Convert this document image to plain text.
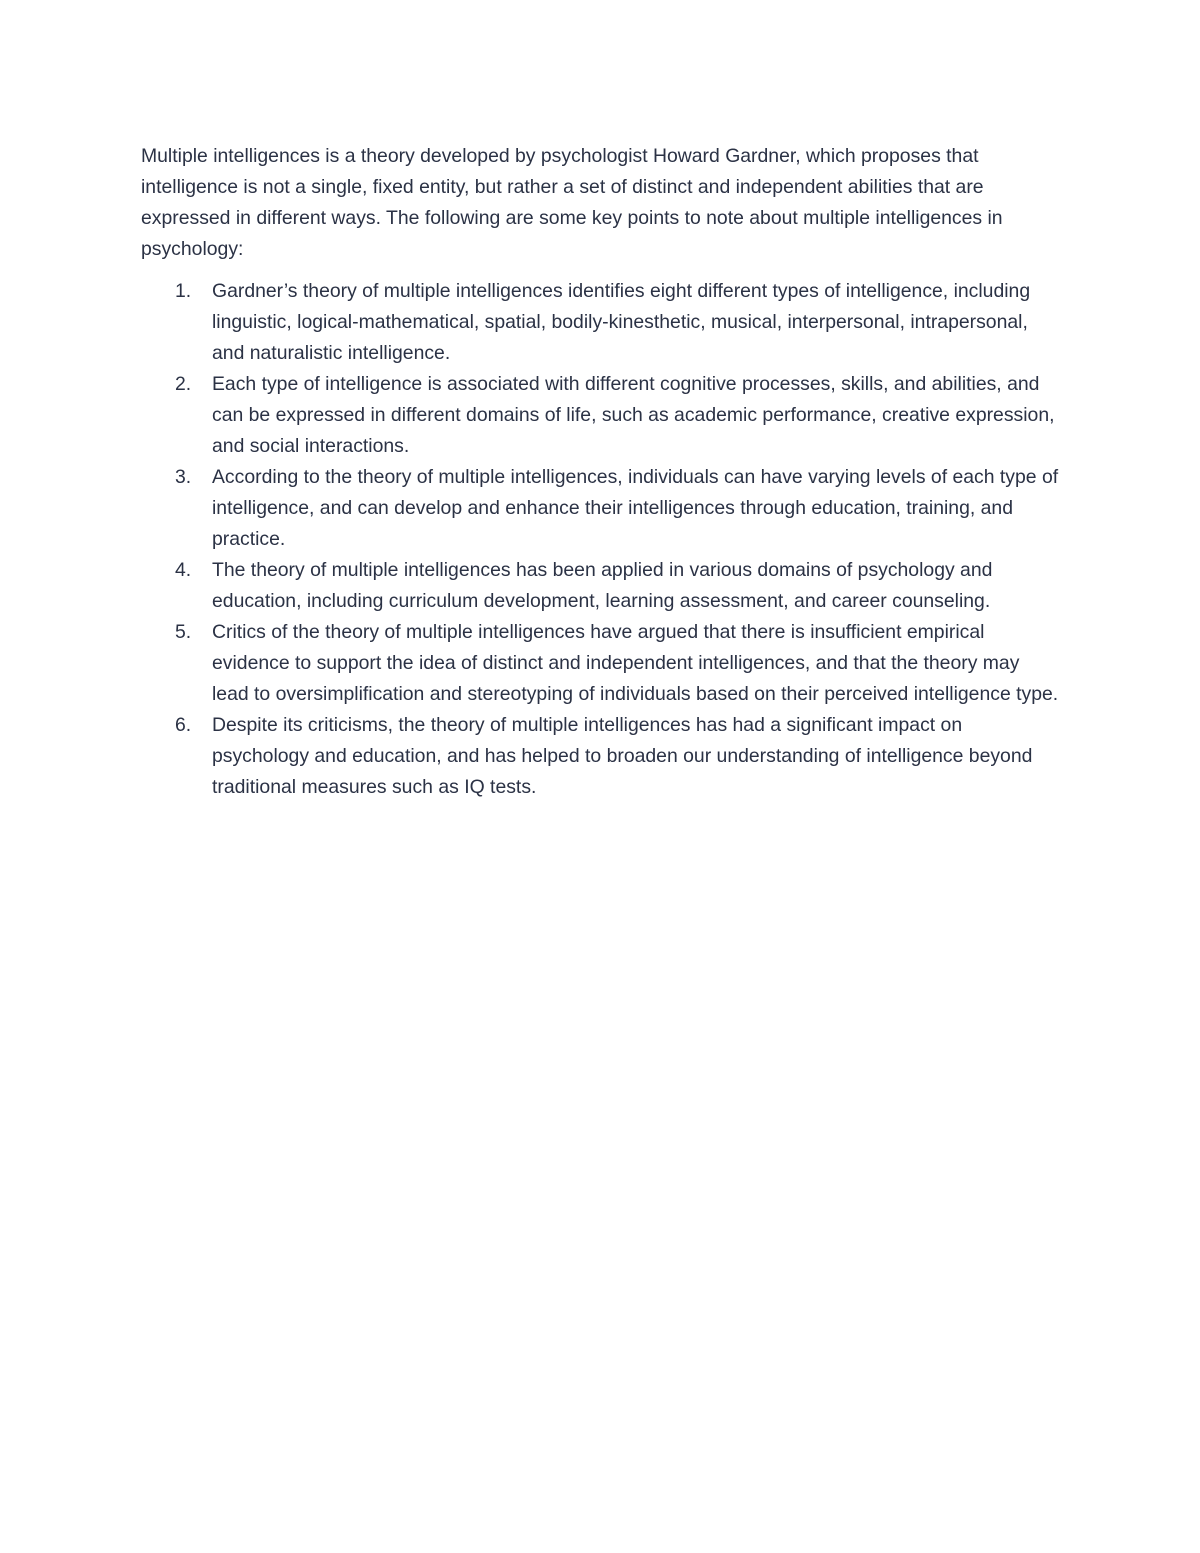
Multiple intelligences is a theory developed by psychologist Howard Gardner, which proposes that intelligence is not a single, fixed entity, but rather a set of distinct and independent abilities that are expressed in different ways. The following are some key points to note about multiple intelligences in psychology:

1.	Gardner’s theory of multiple intelligences identifies eight different types of intelligence, including linguistic, logical-mathematical, spatial, bodily-kinesthetic, musical, interpersonal, intrapersonal, and naturalistic intelligence.
2.	Each type of intelligence is associated with different cognitive processes, skills, and abilities, and can be expressed in different domains of life, such as academic performance, creative expression, and social interactions.
3.	According to the theory of multiple intelligences, individuals can have varying levels of each type of intelligence, and can develop and enhance their intelligences through education, training, and practice.
4.	The theory of multiple intelligences has been applied in various domains of psychology and education, including curriculum development, learning assessment, and career counseling.
5.	Critics of the theory of multiple intelligences have argued that there is insufficient empirical evidence to support the idea of distinct and independent intelligences, and that the theory may lead to oversimplification and stereotyping of individuals based on their perceived intelligence type.
6.	Despite its criticisms, the theory of multiple intelligences has had a significant impact on psychology and education, and has helped to broaden our understanding of intelligence beyond traditional measures such as IQ tests.
